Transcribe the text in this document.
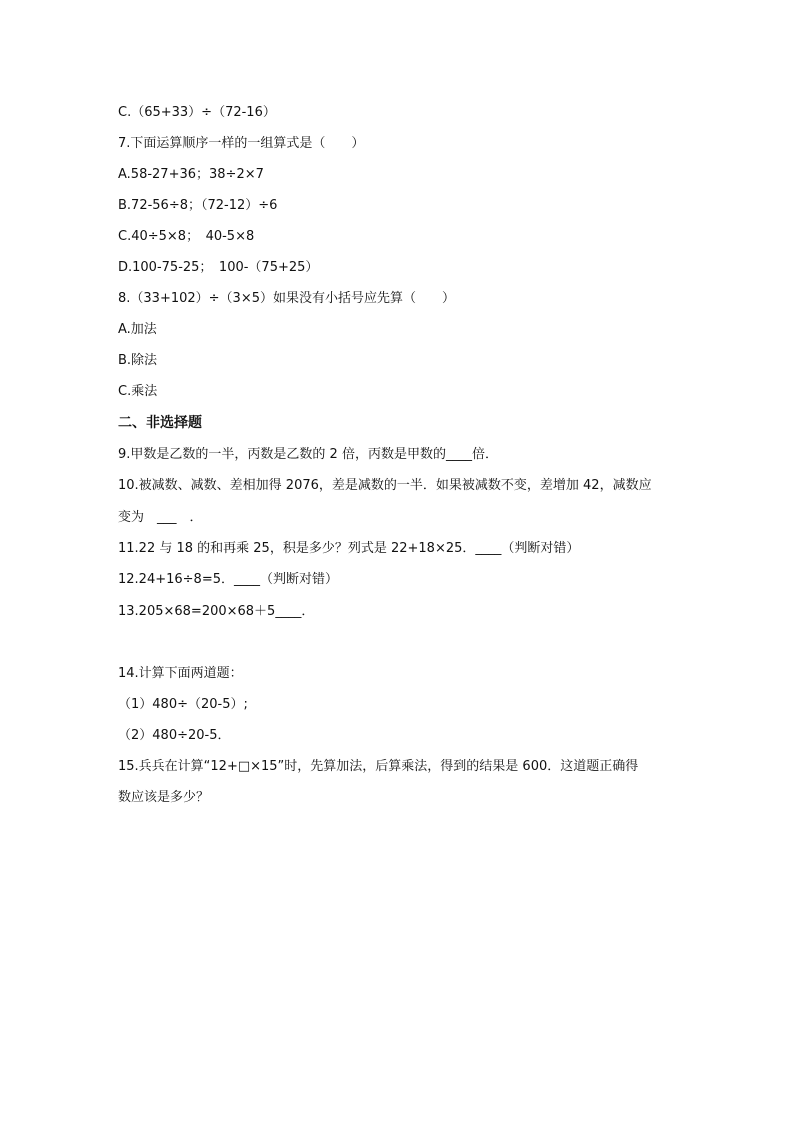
C.（65+33）÷（72-16）
7.下面运算顺序一样的一组算式是（　　）
A.58-27+36；38÷2×7
B.72-56÷8；（72-12）÷6
C.40÷5×8；　40-5×8
D.100-75-25；　100-（75+25）
8.（33+102）÷（3×5）如果没有小括号应先算（　　）
A.加法
B.除法
C.乘法
二、非选择题
9.甲数是乙数的一半，丙数是乙数的 2 倍，丙数是甲数的____倍．
10.被减数、减数、差相加得 2076，差是减数的一半．如果被减数不变，差增加 42，减数应
变为　___　．
11.22 与 18 的和再乘 25，积是多少？列式是 22+18×25．____（判断对错）
12.24+16÷8=5．____（判断对错）
13.205×68=200×68＋5____．
14.计算下面两道题：
（1）480÷（20-5）;
（2）480÷20-5．
15.兵兵在计算“12+□×15”时，先算加法，后算乘法，得到的结果是 600．这道题正确得
数应该是多少？
